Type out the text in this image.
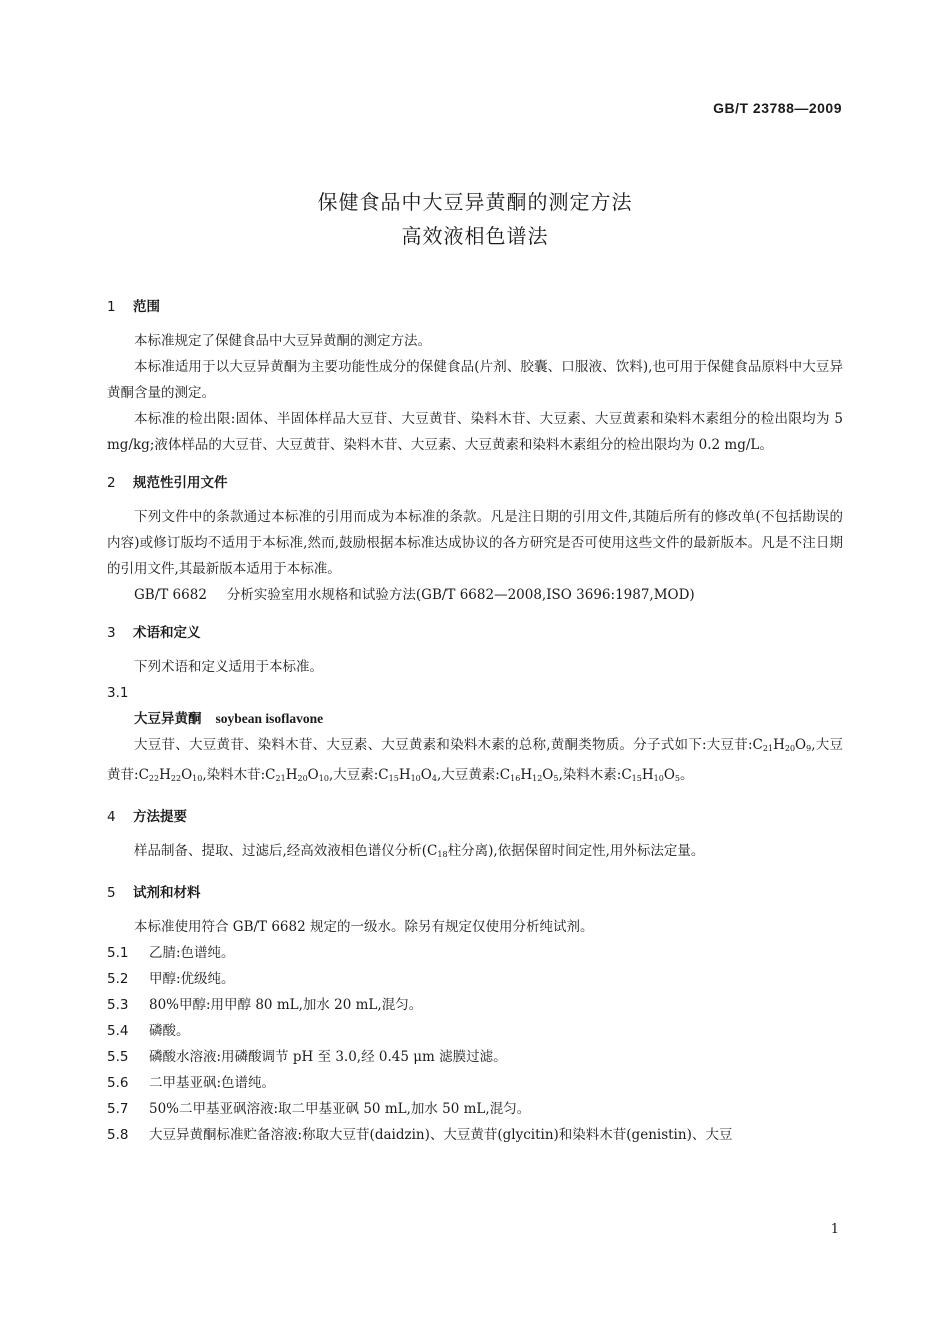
GB/T 23788—2009
保健食品中大豆异黄酮的测定方法
高效液相色谱法
1 范围

本标准规定了保健食品中大豆异黄酮的测定方法。

本标准适用于以大豆异黄酮为主要功能性成分的保健食品(片剂、胶囊、口服液、饮料),也可用于保健食品原料中大豆异黄酮含量的测定。

本标准的检出限:固体、半固体样品大豆苷、大豆黄苷、染料木苷、大豆素、大豆黄素和染料木素组分的检出限均为 5 mg/kg;液体样品的大豆苷、大豆黄苷、染料木苷、大豆素、大豆黄素和染料木素组分的检出限均为 0.2 mg/L。

2 规范性引用文件

下列文件中的条款通过本标准的引用而成为本标准的条款。凡是注日期的引用文件,其随后所有的修改单(不包括勘误的内容)或修订版均不适用于本标准,然而,鼓励根据本标准达成协议的各方研究是否可使用这些文件的最新版本。凡是不注日期的引用文件,其最新版本适用于本标准。

GB/T 6682 分析实验室用水规格和试验方法(GB/T 6682—2008,ISO 3696:1987,MOD)
3 术语和定义

下列术语和定义适用于本标准。

3.1
大豆异黄酮 soybean isoflavone

大豆苷、大豆黄苷、染料木苷、大豆素、大豆黄素和染料木素的总称,黄酮类物质。分子式如下:大豆苷$:C_{21}H_{20}O_9$,大豆黄苷$:C_{22}H_{22}O_{10}$,染料木苷$:C_{21}H_{20}O_{10}$,大豆素$:C_{15}H_{10}O_4$,大豆黄素$:C_{16}H_{12}O_5$,染料木素$:C_{15}H_{10}O_5$。

4 方法提要

样品制备、提取、过滤后,经高效液相色谱仪分析($C_{18}$柱分离),依据保留时间定性,用外标法定量。

5 试剂和材料

本标准使用符合 GB/T 6682 规定的一级水。除另有规定仅使用分析纯试剂。

5.1 乙腈:色谱纯。
5.2 甲醇:优级纯。
5.3 80%甲醇:用甲醇 80 mL,加水 20 mL,混匀。
5.4 磷酸。
5.5 磷酸水溶液:用磷酸调节 pH 至 3.0,经 0.45 μm 滤膜过滤。
5.6 二甲基亚砜:色谱纯。
5.7 50%二甲基亚砜溶液:取二甲基亚砜 50 mL,加水 50 mL,混匀。
5.8 大豆异黄酮标准贮备溶液:称取大豆苷(daidzin)、大豆黄苷(glycitin)和染料木苷(genistin)、大豆
1
